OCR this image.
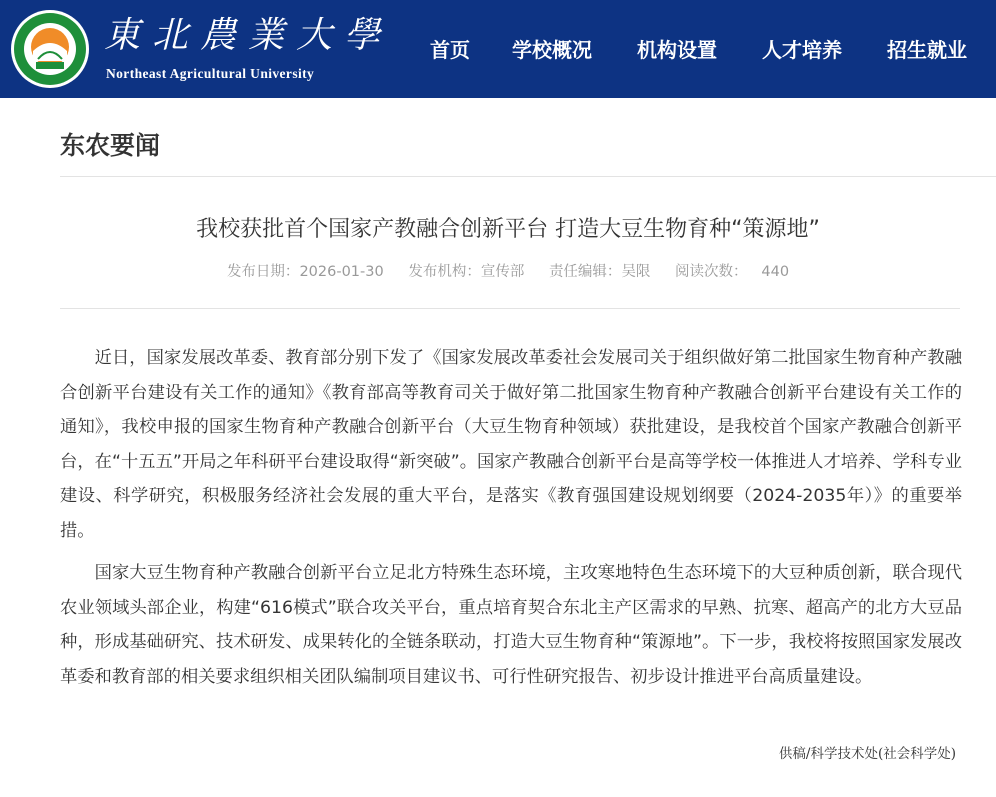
東北農業大學
Northeast Agricultural University
首页 学校概况 机构设置 人才培养 招生就业
东农要闻
我校获批首个国家产教融合创新平台 打造大豆生物育种“策源地”
发布日期：2026-01-30 发布机构：宣传部 责任编辑：吴限 阅读次数： 440

近日，国家发展改革委、教育部分别下发了《国家发展改革委社会发展司关于组织做好第二批国家生物育种产教融合创新平台建设有关工作的通知》《教育部高等教育司关于做好第二批国家生物育种产教融合创新平台建设有关工作的通知》，我校申报的国家生物育种产教融合创新平台（大豆生物育种领域）获批建设，是我校首个国家产教融合创新平台，在“十五五”开局之年科研平台建设取得“新突破”。国家产教融合创新平台是高等学校一体推进人才培养、学科专业建设、科学研究，积极服务经济社会发展的重大平台，是落实《教育强国建设规划纲要（2024-2035年）》的重要举措。

国家大豆生物育种产教融合创新平台立足北方特殊生态环境，主攻寒地特色生态环境下的大豆种质创新，联合现代农业领域头部企业，构建“616模式”联合攻关平台，重点培育契合东北主产区需求的早熟、抗寒、超高产的北方大豆品种，形成基础研究、技术研发、成果转化的全链条联动，打造大豆生物育种“策源地”。下一步，我校将按照国家发展改革委和教育部的相关要求组织相关团队编制项目建议书、可行性研究报告、初步设计推进平台高质量建设。

供稿/科学技术处(社会科学处)
